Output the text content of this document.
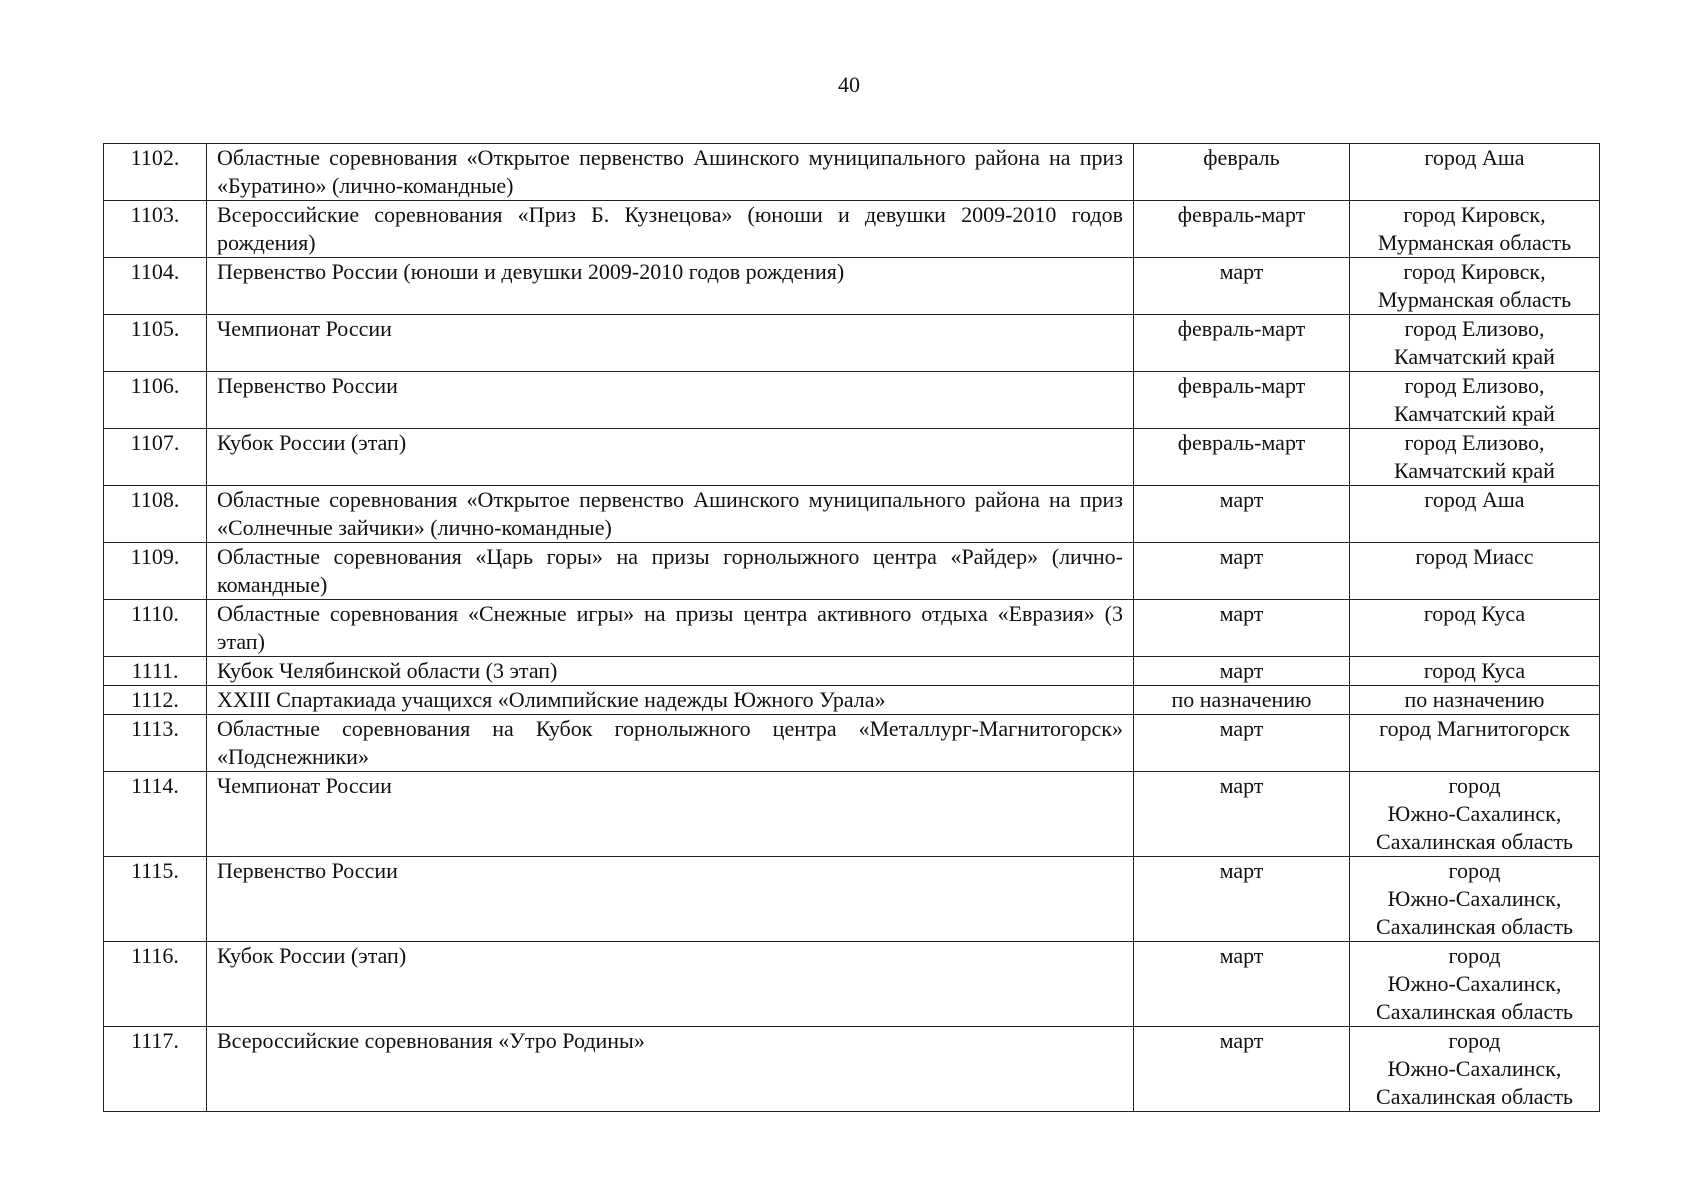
40
1102.	Областные соревнования «Открытое первенство Ашинского муниципального района на приз «Буратино» (лично-командные)	февраль	город Аша

1103.	Всероссийские соревнования «Приз Б. Кузнецова» (юноши и девушки 2009-2010 годов рождения)	февраль-март	город Кировск,
Мурманская область

1104.	Первенство России (юноши и девушки 2009-2010 годов рождения)	март	город Кировск,
Мурманская область

1105.	Чемпионат России	февраль-март	город Елизово,
Камчатский край

1106.	Первенство России	февраль-март	город Елизово,
Камчатский край

1107.	Кубок России (этап)	февраль-март	город Елизово,
Камчатский край

1108.	Областные соревнования «Открытое первенство Ашинского муниципального района на приз «Солнечные зайчики» (лично-командные)	март	город Аша

1109.	Областные соревнования «Царь горы» на призы горнолыжного центра «Райдер» (лично-командные)	март	город Миасс

1110.	Областные соревнования «Снежные игры» на призы центра активного отдыха «Евразия» (3 этап)	март	город Куса

1111.	Кубок Челябинской области (3 этап)	март	город Куса

1112.	XXIII Спартакиада учащихся «Олимпийские надежды Южного Урала»	по назначению	по назначению

1113.	Областные соревнования на Кубок горнолыжного центра «Металлург-Магнитогорск» «Подснежники»	март	город Магнитогорск

1114.	Чемпионат России	март	город
Южно-Сахалинск,
Сахалинская область

1115.	Первенство России	март	город
Южно-Сахалинск,
Сахалинская область

1116.	Кубок России (этап)	март	город
Южно-Сахалинск,
Сахалинская область

1117.	Всероссийские соревнования «Утро Родины»	март	город
Южно-Сахалинск,
Сахалинская область
